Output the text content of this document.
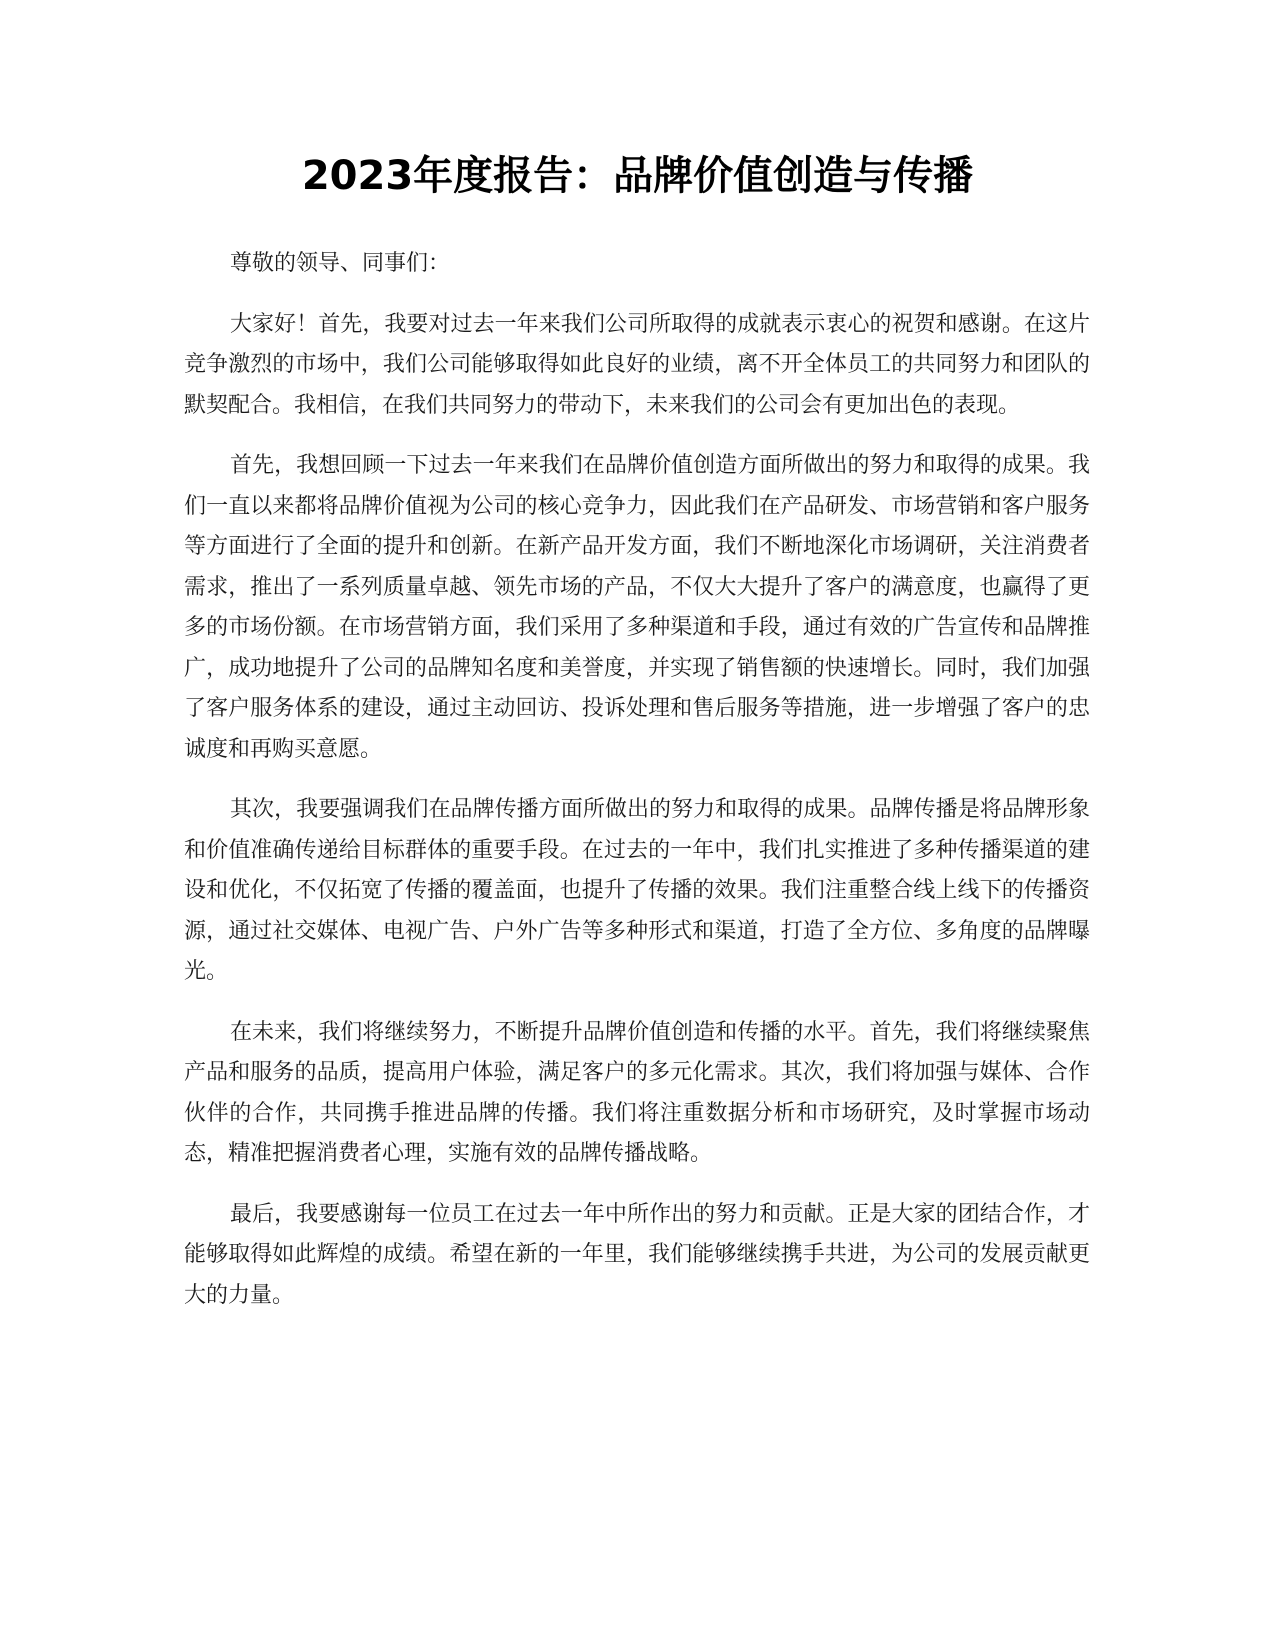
2023年度报告：品牌价值创造与传播

尊敬的领导、同事们：

大家好！首先，我要对过去一年来我们公司所取得的成就表示衷心的祝贺和感谢。在这片竞争激烈的市场中，我们公司能够取得如此良好的业绩，离不开全体员工的共同努力和团队的默契配合。我相信，在我们共同努力的带动下，未来我们的公司会有更加出色的表现。

首先，我想回顾一下过去一年来我们在品牌价值创造方面所做出的努力和取得的成果。我们一直以来都将品牌价值视为公司的核心竞争力，因此我们在产品研发、市场营销和客户服务等方面进行了全面的提升和创新。在新产品开发方面，我们不断地深化市场调研，关注消费者需求，推出了一系列质量卓越、领先市场的产品，不仅大大提升了客户的满意度，也赢得了更多的市场份额。在市场营销方面，我们采用了多种渠道和手段，通过有效的广告宣传和品牌推广，成功地提升了公司的品牌知名度和美誉度，并实现了销售额的快速增长。同时，我们加强了客户服务体系的建设，通过主动回访、投诉处理和售后服务等措施，进一步增强了客户的忠诚度和再购买意愿。

其次，我要强调我们在品牌传播方面所做出的努力和取得的成果。品牌传播是将品牌形象和价值准确传递给目标群体的重要手段。在过去的一年中，我们扎实推进了多种传播渠道的建设和优化，不仅拓宽了传播的覆盖面，也提升了传播的效果。我们注重整合线上线下的传播资源，通过社交媒体、电视广告、户外广告等多种形式和渠道，打造了全方位、多角度的品牌曝光。

在未来，我们将继续努力，不断提升品牌价值创造和传播的水平。首先，我们将继续聚焦产品和服务的品质，提高用户体验，满足客户的多元化需求。其次，我们将加强与媒体、合作伙伴的合作，共同携手推进品牌的传播。我们将注重数据分析和市场研究，及时掌握市场动态，精准把握消费者心理，实施有效的品牌传播战略。

最后，我要感谢每一位员工在过去一年中所作出的努力和贡献。正是大家的团结合作，才能够取得如此辉煌的成绩。希望在新的一年里，我们能够继续携手共进，为公司的发展贡献更大的力量。
